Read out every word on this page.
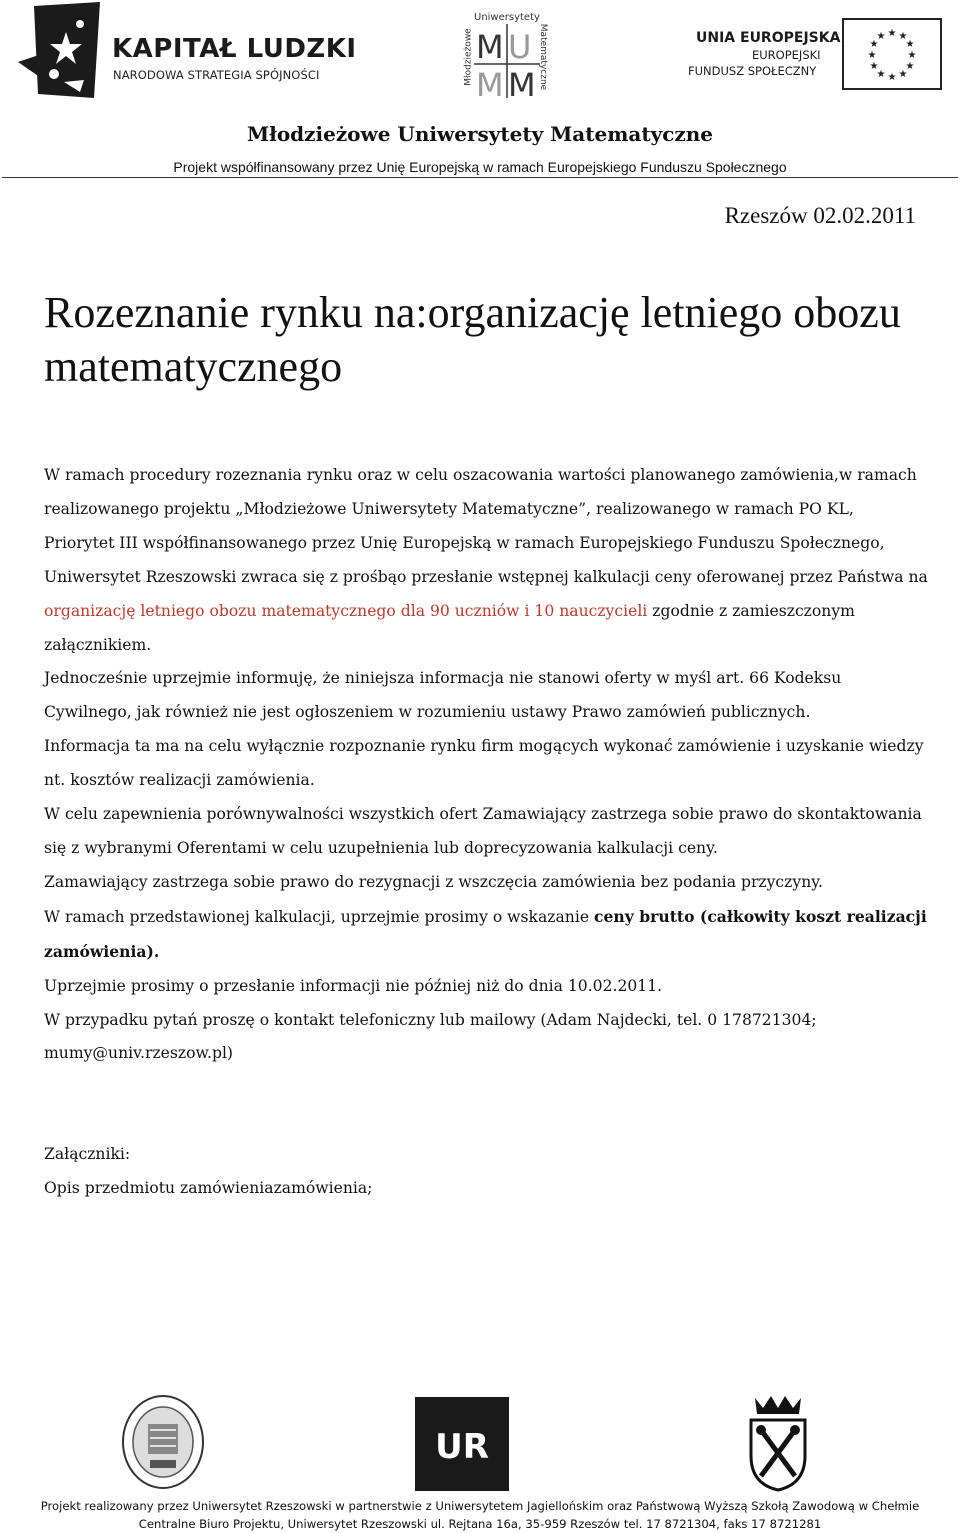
KAPITAŁ LUDZKI
NARODOWA STRATEGIA SPÓJNOŚCI
Uniwersytety
Młodzieżowe	Matematyczne
M U
M M
UNIA EUROPEJSKA
EUROPEJSKI
FUNDUSZ SPOŁECZNY
★ ★
★
★
★
★
★
★
★
★
★
★
Młodzieżowe Uniwersytety Matematyczne
Projekt współfinansowany przez Unię Europejską w ramach Europejskiego Funduszu Społecznego
Rzeszów 02.02.2011
Rozeznanie rynku na:organizację letniego obozu matematycznego

W ramach procedury rozeznania rynku oraz w celu oszacowania wartości planowanego zamówienia,w ramach realizowanego projektu „Młodzieżowe Uniwersytety Matematyczne”, realizowanego w ramach PO KL, Priorytet III współfinansowanego przez Unię Europejską w ramach Europejskiego Funduszu Społecznego, Uniwersytet Rzeszowski zwraca się z prośbąo przesłanie wstępnej kalkulacji ceny oferowanej przez Państwa na organizację letniego obozu matematycznego dla 90 uczniów i 10 nauczycieli zgodnie z zamieszczonym załącznikiem.

Jednocześnie uprzejmie informuję, że niniejsza informacja nie stanowi oferty w myśl art. 66 Kodeksu Cywilnego, jak również nie jest ogłoszeniem w rozumieniu ustawy Prawo zamówień publicznych.

Informacja ta ma na celu wyłącznie rozpoznanie rynku firm mogących wykonać zamówienie i uzyskanie wiedzy nt. kosztów realizacji zamówienia.

W celu zapewnienia porównywalności wszystkich ofert Zamawiający zastrzega sobie prawo do skontaktowania się z wybranymi Oferentami w celu uzupełnienia lub doprecyzowania kalkulacji ceny.

Zamawiający zastrzega sobie prawo do rezygnacji z wszczęcia zamówienia bez podania przyczyny.

W ramach przedstawionej kalkulacji, uprzejmie prosimy o wskazanie ceny brutto (całkowity koszt realizacji zamówienia).

Uprzejmie prosimy o przesłanie informacji nie później niż do dnia 10.02.2011.

W przypadku pytań proszę o kontakt telefoniczny lub mailowy (Adam Najdecki, tel. 0 178721304; mumy@univ.rzeszow.pl)

Załączniki:

Opis przedmiotu zamówieniazamówienia;

UR
Projekt realizowany przez Uniwersytet Rzeszowski w partnerstwie z Uniwersytetem Jagiellońskim oraz Państwową Wyższą Szkołą Zawodową w Chełmie
Centralne Biuro Projektu, Uniwersytet Rzeszowski ul. Rejtana 16a, 35-959 Rzeszów tel. 17 8721304, faks 17 8721281
